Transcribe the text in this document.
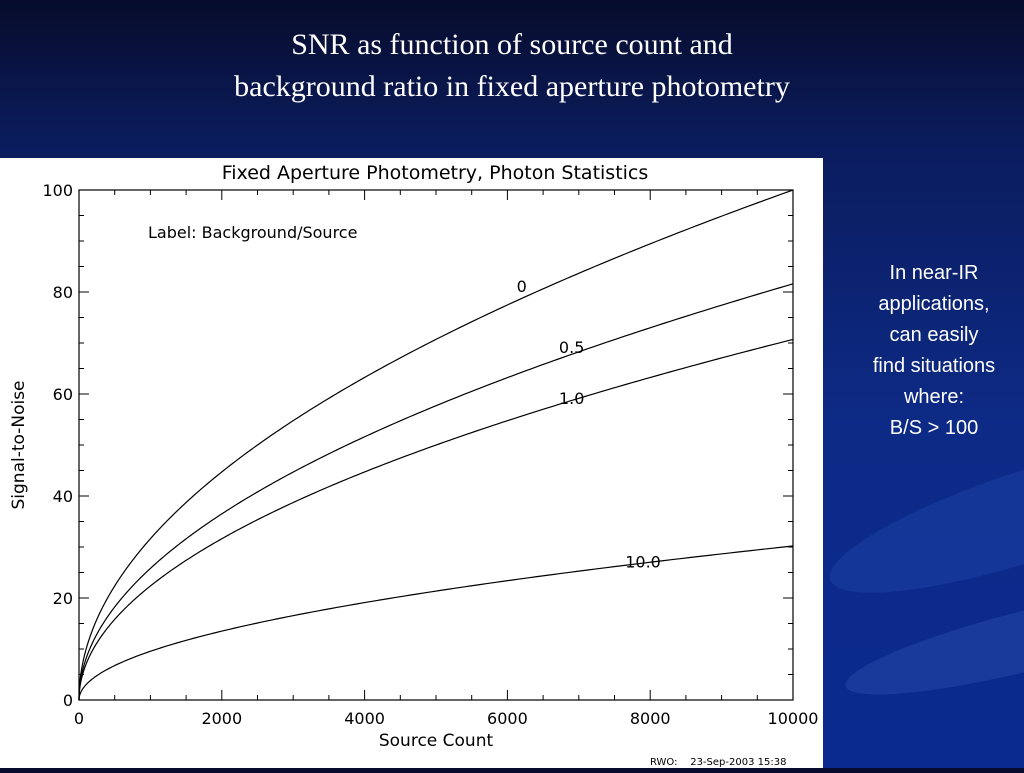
SNR as function of source count and
background ratio in fixed aperture photometry
Fixed Aperture Photometry, Photon Statistics
0	2000	4000	6000	8000	10000
0
20
40
60
80
100
0
0.5
1.0
10.0
Label: Background/Source
Source Count
Signal-to-Noise
RWO:    23-Sep-2003 15:38
In near-IR
applications,
can easily
find situations
where:
B/S > 100
